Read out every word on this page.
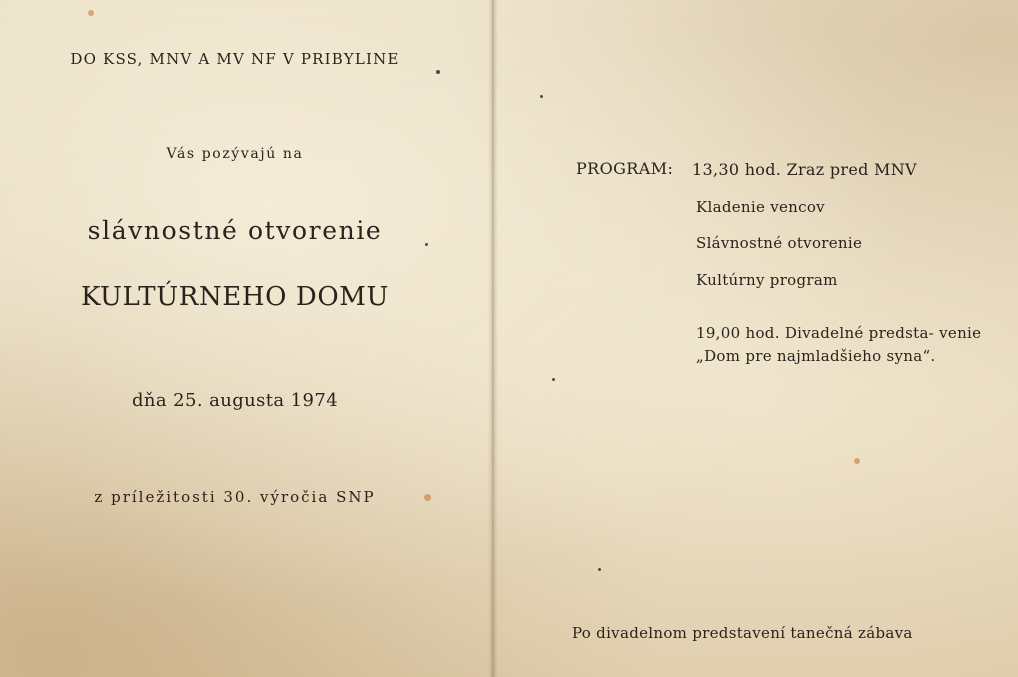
DO KSS, MNV A MV NF V PRIBYLINE
Vás pozývajú na
slávnostné otvorenie
KULTÚRNEHO DOMU
dňa 25. augusta 1974
z príležitosti 30. výročia SNP
PROGRAM: 13,30 hod. Zraz pred MNV
Kladenie vencov
Slávnostné otvorenie
Kultúrny program
19,00 hod. Divadelné predsta- venie „Dom pre najmladšieho syna“.
Po divadelnom predstavení tanečná zábava
